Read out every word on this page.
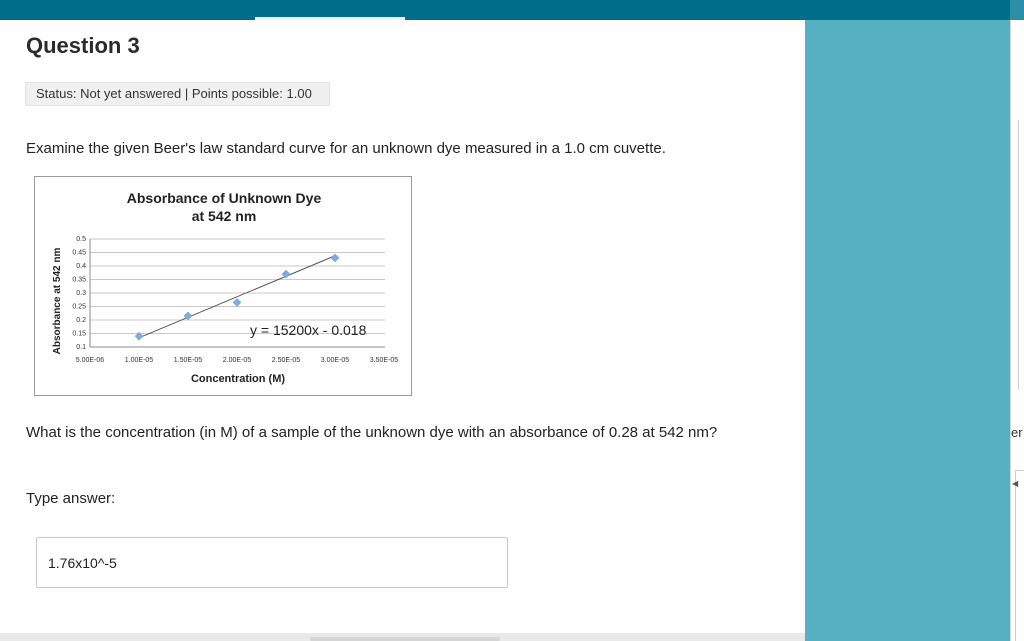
er
◀
Question 3
Status: Not yet answered | Points possible: 1.00
Examine the given Beer's law standard curve for an unknown dye measured in a 1.0 cm cuvette.
Absorbance of Unknown Dye
at 542 nm
Absorbance at 542 nm
Concentration (M)
y = 15200x - 0.018
0.1
0.15
0.2
0.25
0.3
0.35
0.4
0.45
0.5
5.00E-06	1.00E-05	1.50E-05	2.00E-05	2.50E-05	3.00E-05	3.50E-05
What is the concentration (in M) of a sample of the unknown dye with an absorbance of 0.28 at 542 nm?
Type answer:
1.76x10^-5
